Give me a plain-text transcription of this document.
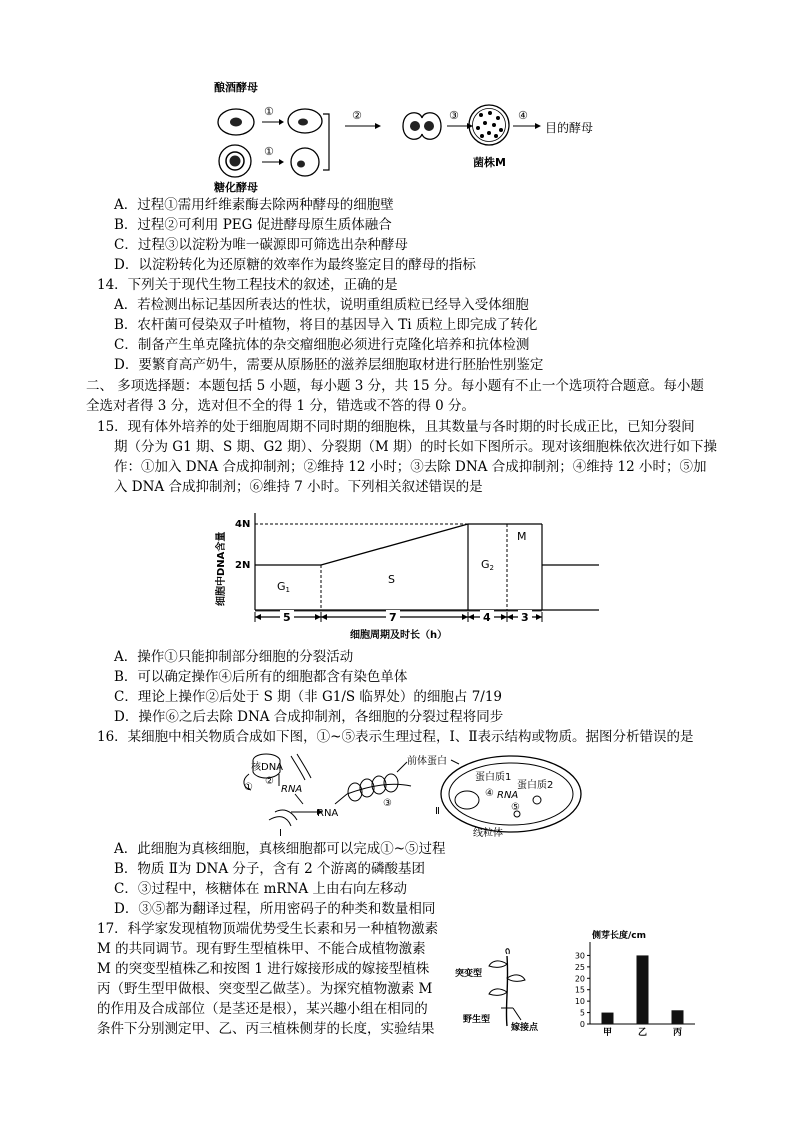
酿酒酵母
①
糖化酵母
①
②	③
菌株M
④
目的酵母
A．过程①需用纤维素酶去除两种酵母的细胞壁
B．过程②可利用 PEG 促进酵母原生质体融合
C．过程③以淀粉为唯一碳源即可筛选出杂种酵母
D．以淀粉转化为还原糖的效率作为最终鉴定目的酵母的指标
14．下列关于现代生物工程技术的叙述，正确的是
A．若检测出标记基因所表达的性状，说明重组质粒已经导入受体细胞
B．农杆菌可侵染双子叶植物，将目的基因导入 Ti 质粒上即完成了转化
C．制备产生单克隆抗体的杂交瘤细胞必须进行克隆化培养和抗体检测
D．要繁育高产奶牛，需要从原肠胚的滋养层细胞取材进行胚胎性别鉴定
二、 多项选择题：本题包括 5 小题，每小题 3 分，共 15 分。每小题有不止一个选项符合题意。每小题
全选对者得 3 分，选对但不全的得 1 分，错选或不答的得 0 分。
15．现有体外培养的处于细胞周期不同时期的细胞株，且其数量与各时期的时长成正比，已知分裂间
期（分为 G1 期、S 期、G2 期）、分裂期（M 期）的时长如下图所示。现对该细胞株依次进行如下操
作：①加入 DNA 合成抑制剂；②维持 12 小时；③去除 DNA 合成抑制剂；④维持 12 小时；⑤加
入 DNA 合成抑制剂；⑥维持 7 小时。下列相关叙述错误的是
细胞中DNA含量
4N
2N
G1
S
G2
M
5	7	4	3
细胞周期及时长（h）
A．操作①只能抑制部分细胞的分裂活动
B．可以确定操作④后所有的细胞都含有染色单体
C．理论上操作②后处于 S 期（非 G1/S 临界处）的细胞占 7/19
D．操作⑥之后去除 DNA 合成抑制剂，各细胞的分裂过程将同步
16．某细胞中相关物质合成如下图，①~⑤表示生理过程，Ⅰ、Ⅱ表示结构或物质。据图分析错误的是
核DNA
①
②
RNA
Ⅰ
RNA
③
前体蛋白
蛋白质1
蛋白质2
④ RNA
⑤
Ⅱ
线粒体
A．此细胞为真核细胞，真核细胞都可以完成①~⑤过程
B．物质 Ⅱ为 DNA 分子，含有 2 个游离的磷酸基团
C．③过程中，核糖体在 mRNA 上由右向左移动
D．③⑤都为翻译过程，所用密码子的种类和数量相同
17．科学家发现植物顶端优势受生长素和另一种植物激素
M 的共同调节。现有野生型植株甲、不能合成植物激素
M 的突变型植株乙和按图 1 进行嫁接形成的嫁接型植株
丙（野生型甲做根、突变型乙做茎）。为探究植物激素 M
的作用及合成部位（是茎还是根），某兴趣小组在相同的
条件下分别测定甲、乙、丙三植株侧芽的长度，实验结果
突变型
野生型
嫁接点
侧芽长度/cm
0
5
10
15
20
25
30
甲	乙	丙
